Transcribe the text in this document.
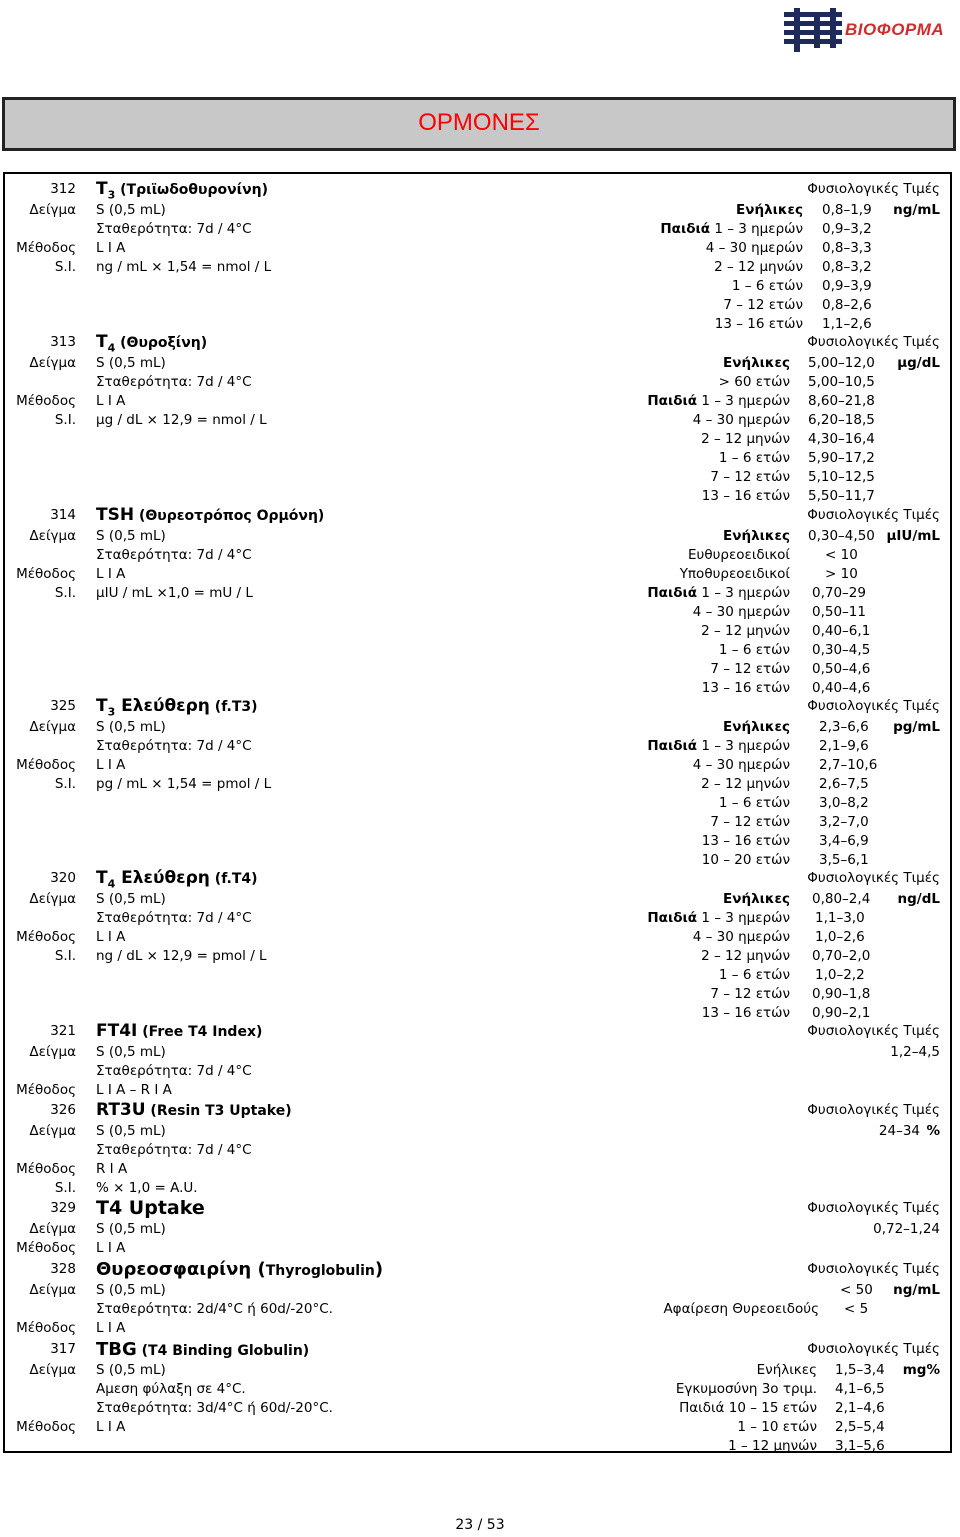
ΒΙΟΦΟΡΜΑ
ΟΡΜΟΝΕΣ
312 $T_3$ (Τριϊωδοθυρονίνη)	Φυσιολογικές Τιμές
Δείγμα S (0,5 mL)	Ενήλικες 0,8–1,9 ng/mL
Σταθερότητα: 7d / 4°C	Παιδιά 1 – 3 ημερών 0,9–3,2
Μέθοδος L I A	4 – 30 ημερών 0,8–3,3
S.I. ng / mL × 1,54 = nmol / L	2 – 12 μηνών 0,8–3,2
1 – 6 ετών 0,9–3,9
7 – 12 ετών 0,8–2,6
13 – 16 ετών 1,1–2,6
313 $T_4$ (Θυροξίνη)	Φυσιολογικές Τιμές
Δείγμα S (0,5 mL)	Ενήλικες 5,00–12,0 μg/dL
Σταθερότητα: 7d / 4°C	> 60 ετών 5,00–10,5
Μέθοδος L I A	Παιδιά 1 – 3 ημερών 8,60–21,8
S.I. μg / dL × 12,9 = nmol / L	4 – 30 ημερών 6,20–18,5
2 – 12 μηνών 4,30–16,4
1 – 6 ετών 5,90–17,2
7 – 12 ετών 5,10–12,5
13 – 16 ετών 5,50–11,7
314 TSH (Θυρεοτρόπος Ορμόνη)	Φυσιολογικές Τιμές
Δείγμα S (0,5 mL)	Ενήλικες 0,30–4,50 μIU/mL
Σταθερότητα: 7d / 4°C	Ευθυρεοειδικοί	< 10
Μέθοδος L I A	Υποθυρεοειδικοί	> 10
S.I. μIU / mL ×1,0 = mU / L	Παιδιά 1 – 3 ημερών 0,70–29
4 – 30 ημερών 0,50–11
2 – 12 μηνών 0,40–6,1
1 – 6 ετών 0,30–4,5
7 – 12 ετών 0,50–4,6
13 – 16 ετών 0,40–4,6
325 $T_3$ Ελεύθερη (f.T3)	Φυσιολογικές Τιμές
Δείγμα S (0,5 mL)	Ενήλικες 2,3–6,6 pg/mL
Σταθερότητα: 7d / 4°C	Παιδιά 1 – 3 ημερών 2,1–9,6
Μέθοδος L I A	4 – 30 ημερών 2,7–10,6
S.I. pg / mL × 1,54 = pmol / L	2 – 12 μηνών 2,6–7,5
1 – 6 ετών 3,0–8,2
7 – 12 ετών 3,2–7,0
13 – 16 ετών 3,4–6,9
10 – 20 ετών 3,5–6,1
320 $T_4$ Ελεύθερη (f.T4)	Φυσιολογικές Τιμές
Δείγμα S (0,5 mL)	Ενήλικες 0,80–2,4 ng/dL
Σταθερότητα: 7d / 4°C	Παιδιά 1 – 3 ημερών 1,1–3,0
Μέθοδος L I A	4 – 30 ημερών 1,0–2,6
S.I. ng / dL × 12,9 = pmol / L	2 – 12 μηνών 0,70–2,0
1 – 6 ετών 1,0–2,2
7 – 12 ετών 0,90–1,8
13 – 16 ετών 0,90–2,1
321 FT4I (Free T4 Index)	Φυσιολογικές Τιμές
Δείγμα S (0,5 mL)	1,2–4,5
Σταθερότητα: 7d / 4°C
Μέθοδος L I A – R I A
326 RT3U (Resin T3 Uptake)	Φυσιολογικές Τιμές
Δείγμα S (0,5 mL)	24–34 %
Σταθερότητα: 7d / 4°C
Μέθοδος R I A
S.I. % × 1,0 = A.U.
329 T4 Uptake	Φυσιολογικές Τιμές
Δείγμα S (0,5 mL)	0,72–1,24
Μέθοδος L I A
328 Θυρεοσφαιρίνη (Thyroglobulin)	Φυσιολογικές Τιμές
Δείγμα S (0,5 mL)	< 50 ng/mL
Σταθερότητα: 2d/4°C ή 60d/-20°C.	Αφαίρεση Θυρεοειδούς < 5
Μέθοδος L I A
317 TBG (T4 Binding Globulin)	Φυσιολογικές Τιμές
Δείγμα S (0,5 mL)	Ενήλικες 1,5–3,4 mg%
Αμεση φύλαξη σε 4°C.	Εγκυμοσύνη 3ο τριμ. 4,1–6,5
Σταθερότητα: 3d/4°C ή 60d/-20°C.	Παιδιά 10 – 15 ετών 2,1–4,6
Μέθοδος L I A	1 – 10 ετών 2,5–5,4
1 – 12 μηνών 3,1–5,6
23 / 53
